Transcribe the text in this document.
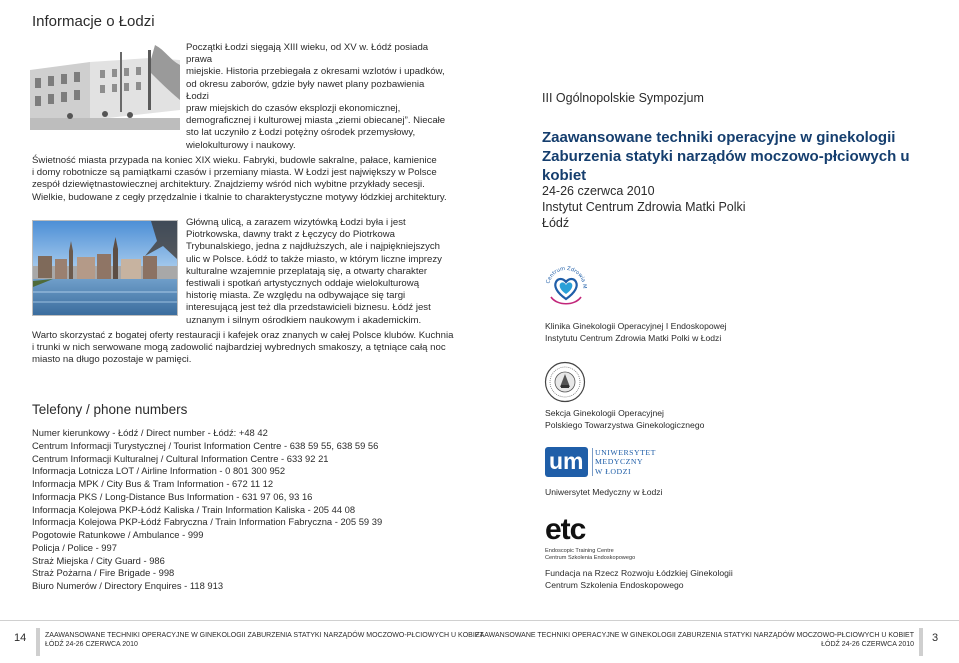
Informacje o Łodzi
Początki Łodzi sięgają XIII wieku, od XV w. Łódź posiada prawa
miejskie. Historia przebiegała z okresami wzlotów i upadków,
od okresu zaborów, gdzie były nawet plany pozbawienia Łodzi
praw miejskich do czasów eksplozji ekonomicznej,
demograficznej i kulturowej miasta „ziemi obiecanej”. Niecałe
sto lat uczyniło z Łodzi potężny ośrodek przemysłowy,
wielokulturowy i naukowy.
Świetność miasta przypada na koniec XIX wieku. Fabryki, budowle sakralne, pałace, kamienice
i domy robotnicze są pamiątkami czasów i przemiany miasta. W Łodzi jest największy w Polsce
zespół dziewiętnastowiecznej architektury. Znajdziemy wśród nich wybitne przykłady secesji.
Wielkie, budowane z cegły przędzalnie i tkalnie to charakterystyczne motywy łódzkiej architektury.
Główną ulicą, a zarazem wizytówką Łodzi była i jest
Piotrkowska, dawny trakt z Łęczycy do Piotrkowa
Trybunalskiego, jedna z najdłuższych, ale i najpiękniejszych
ulic w Polsce. Łódź to także miasto, w którym liczne imprezy
kulturalne wzajemnie przeplatają się, a otwarty charakter
festiwali i spotkań artystycznych oddaje wielokulturową
historię miasta. Ze względu na odbywające się targi
interesującą jest też dla przedstawicieli biznesu. Łódź jest
uznanym i silnym ośrodkiem naukowym i akademickim.
Warto skorzystać z bogatej oferty restauracji i kafejek oraz znanych w całej Polsce klubów. Kuchnia
i trunki w nich serwowane mogą zadowolić najbardziej wybrednych smakoszy, a tętniące całą noc
miasto na długo pozostaje w pamięci.
Telefony / phone numbers
Numer kierunkowy - Łódź / Direct number - Łódź: +48 42
Centrum Informacji Turystycznej / Tourist Information Centre - 638 59 55, 638 59 56
Centrum Informacji Kulturalnej / Cultural Information Centre - 633 92 21
Informacja Lotnicza LOT / Airline Information - 0 801 300 952
Informacja MPK / City Bus & Tram Information - 672 11 12
Informacja PKS / Long-Distance Bus Information - 631 97 06, 93 16
Informacja Kolejowa PKP-Łódź Kaliska / Train Information Kaliska - 205 44 08
Informacja Kolejowa PKP-Łódź Fabryczna / Train Information Fabryczna - 205 59 39
Pogotowie Ratunkowe / Ambulance - 999
Policja / Police - 997
Straż Miejska / City Guard - 986
Straż Pożarna / Fire Brigade - 998
Biuro Numerów / Directory Enquires - 118 913
III Ogólnopolskie Sympozjum
Zaawansowane techniki operacyjne w ginekologii
Zaburzenia statyki narządów moczowo-płciowych u kobiet
24-26 czerwca 2010
Instytut Centrum Zdrowia Matki Polki
Łódź
Centrum Zdrowia M
Klinika Ginekologii Operacyjnej I Endoskopowej
Instytutu Centrum Zdrowia Matki Polki w Łodzi
Sekcja Ginekologii Operacyjnej
Polskiego Towarzystwa Ginekologicznego
um UNIWERSYTET
MEDYCZNY
W ŁODZI
Uniwersytet Medyczny w Łodzi
etc
Endoscopic Training Centre
Centrum Szkolenia Endoskopowego
Fundacja na Rzecz Rozwoju Łódzkiej Ginekologii
Centrum Szkolenia Endoskopowego
14	ZAAWANSOWANE TECHNIKI OPERACYJNE W GINEKOLOGII ZABURZENIA STATYKI NARZĄDÓW MOCZOWO-PŁCIOWYCH U KOBIET
ŁÓDŹ 24-26 CZERWCA 2010
ZAAWANSOWANE TECHNIKI OPERACYJNE W GINEKOLOGII ZABURZENIA STATYKI NARZĄDÓW MOCZOWO-PŁCIOWYCH U KOBIET
ŁÓDŹ 24-26 CZERWCA 2010
3
